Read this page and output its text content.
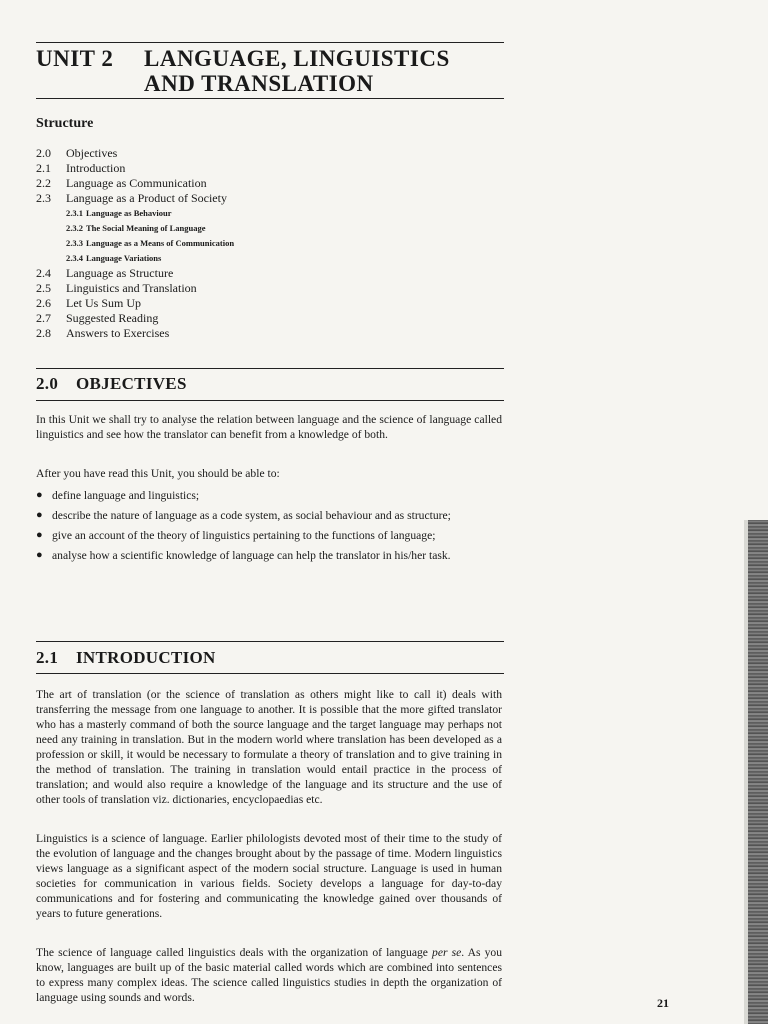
UNIT 2 LANGUAGE, LINGUISTICS AND TRANSLATION
Structure
2.0	Objectives
2.1	Introduction
2.2	Language as Communication
2.3	Language as a Product of Society
2.3.1 Language as Behaviour
2.3.2 The Social Meaning of Language
2.3.3 Language as a Means of Communication
2.3.4 Language Variations
2.4	Language as Structure
2.5	Linguistics and Translation
2.6	Let Us Sum Up
2.7	Suggested Reading
2.8	Answers to Exercises
2.0 OBJECTIVES
In this Unit we shall try to analyse the relation between language and the science of language called linguistics and see how the translator can benefit from a knowledge of both.
After you have read this Unit, you should be able to:
● define language and linguistics;
● describe the nature of language as a code system, as social behaviour and as structure;
● give an account of the theory of linguistics pertaining to the functions of language;
● analyse how a scientific knowledge of language can help the translator in his/her task.
2.1 INTRODUCTION
The art of translation (or the science of translation as others might like to call it) deals with transferring the message from one language to another. It is possible that the more gifted translator who has a masterly command of both the source language and the target language may perhaps not need any training in translation. But in the modern world where translation has been developed as a profession or skill, it would be necessary to formulate a theory of translation and to give training in the method of translation. The training in translation would entail practice in the process of translation; and would also require a knowledge of the language and its structure and the use of other tools of translation viz. dictionaries, encyclopaedias etc.
Linguistics is a science of language. Earlier philologists devoted most of their time to the study of the evolution of language and the changes brought about by the passage of time. Modern linguistics views language as a significant aspect of the modern social structure. Language is used in human societies for communication in various fields. Society develops a language for day-to-day communications and for fostering and communicating the knowledge gained over thousands of years to future generations.
The science of language called linguistics deals with the organization of language per se. As you know, languages are built up of the basic material called words which are combined into sentences to express many complex ideas. The science called linguistics studies in depth the organization of language using sounds and words.	21
